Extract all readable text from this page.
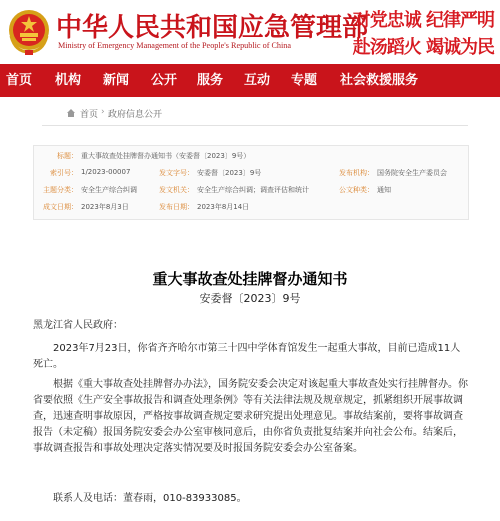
中华人民共和国应急管理部
Ministry of Emergency Management of the People's Republic of China
对党忠诚 纪律严明
赴汤蹈火 竭诚为民
首页 机构 新闻 公开 服务 互动 专题 社会救援服务
首页 › 政府信息公开
标题： 重大事故查处挂牌督办通知书（安委督〔2023〕9号）
索引号： 1/2023-00007	发文字号： 安委督〔2023〕9号	发布机构： 国务院安全生产委员会
主题分类： 安全生产综合纠调	发文机关： 安全生产综合纠调；调查评估和统计	公文种类： 通知
成文日期： 2023年8月3日	发布日期： 2023年8月14日
重大事故查处挂牌督办通知书
安委督〔2023〕9号
黑龙江省人民政府：
2023年7月23日，你省齐齐哈尔市第三十四中学体育馆发生一起重大事故，目前已造成11人死亡。
根据《重大事故查处挂牌督办办法》，国务院安委会决定对该起重大事故查处实行挂牌督办。你省要依照《生产安全事故报告和调查处理条例》等有关法律法规及规章规定，抓紧组织开展事故调查，迅速查明事故原因，严格按事故调查规定要求研究提出处理意见。事故结案前，要将事故调查报告（未定稿）报国务院安委会办公室审核同意后，由你省负责批复结案并向社会公布。结案后，事故调查报告和事故处理决定落实情况要及时报国务院安委会办公室备案。
联系人及电话：董春雨，010-83933085。
